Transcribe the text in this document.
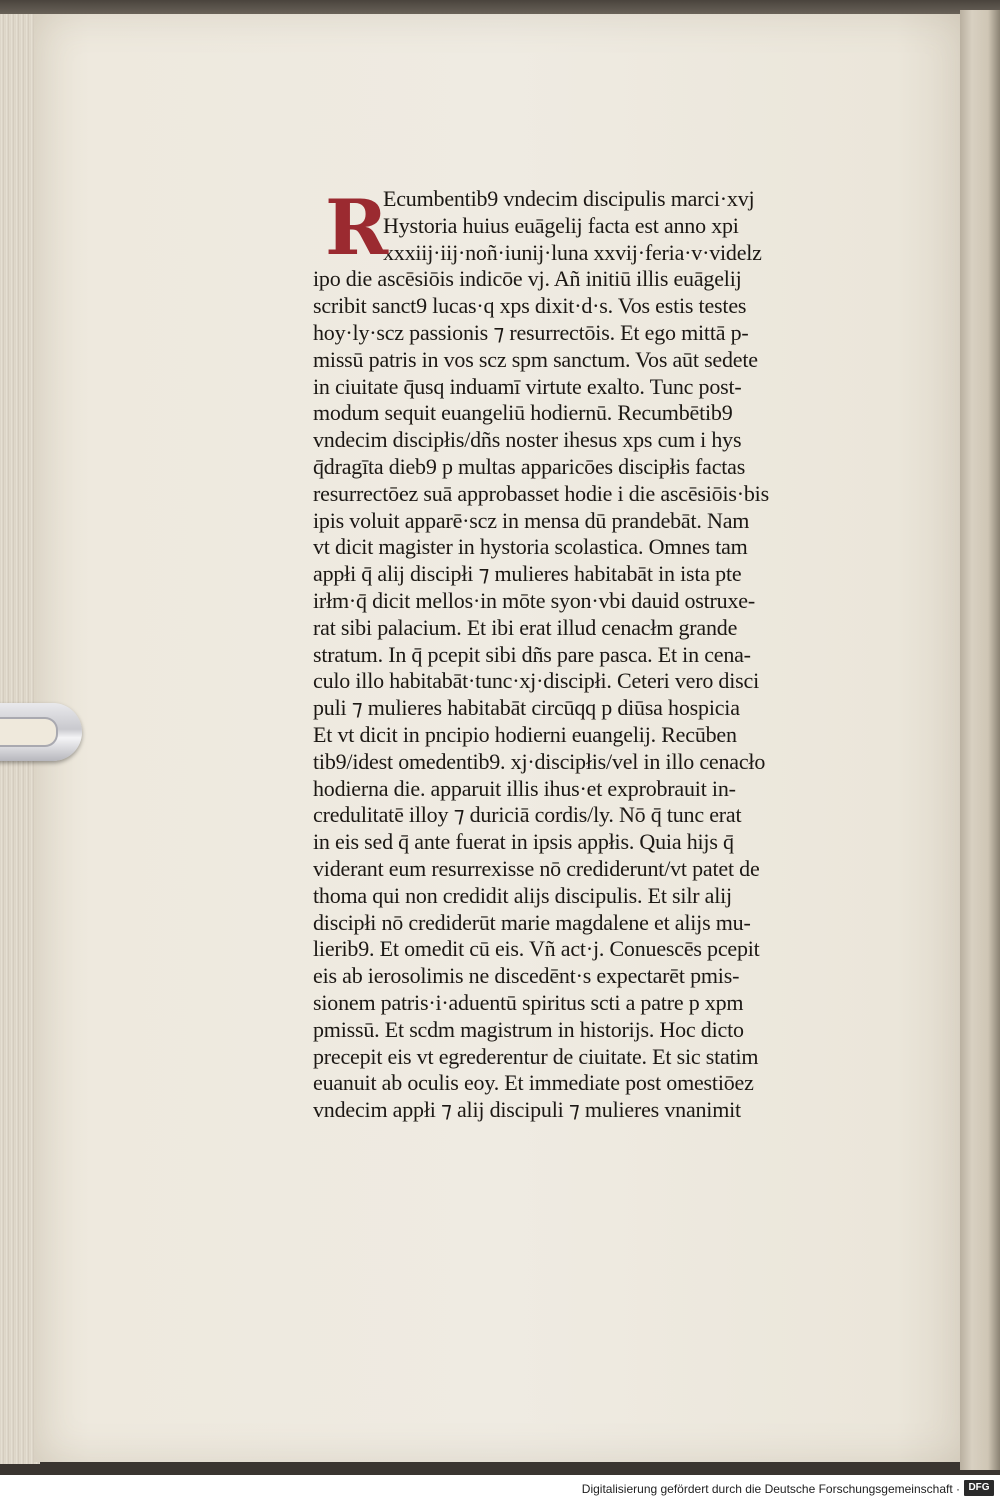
R
Ecumbentib9 vndecim discipulis marci·xvj
Hystoria huius euāgelij facta est anno xpi
xxxiij·iij·noñ·iunij·luna xxvij·feria·v·videlz
ipo die ascēsiōis indicōe vj. Añ initiū illis euāgelij
scribit sanct9 lucas·q xps dixit·d·s. Vos estis testes
hoy·ly·scz passionis ⁊ resurrectōis. Et ego mittā p-
missū patris in vos scz spm sanctum. Vos aūt sedete
in ciuitate q̄usq induamī virtute exalto. Tunc post-
modum sequit euangeliū hodiernū. Recumbētib9
vndecim discipłis/dñs noster ihesus xps cum i hys
q̄dragīta dieb9 p multas apparicōes discipłis factas
resurrectōez suā approbasset hodie i die ascēsiōis·bis
ipis voluit apparē·scz in mensa dū prandebāt. Nam
vt dicit magister in hystoria scolastica. Omnes tam
appłi q̄ alij discipłi ⁊ mulieres habitabāt in ista pte
irłm·q̄ dicit mellos·in mōte syon·vbi dauid ostruxe-
rat sibi palacium. Et ibi erat illud cenacłm grande
stratum. In q̄ pcepit sibi dñs pare pasca. Et in cena-
culo illo habitabāt·tunc·xj·discipłi. Ceteri vero disci
puli ⁊ mulieres habitabāt circūqq p diūsa hospicia
Et vt dicit in pncipio hodierni euangelij. Recūben
tib9/idest omedentib9. xj·discipłis/vel in illo cenacło
hodierna die. apparuit illis ihus·et exprobrauit in-
credulitatē illoy ⁊ duriciā cordis/ly. Nō q̄ tunc erat
in eis sed q̄ ante fuerat in ipsis appłis. Quia hijs q̄
viderant eum resurrexisse nō crediderunt/vt patet de
thoma qui non credidit alijs discipulis. Et silr alij
discipłi nō crediderūt marie magdalene et alijs mu-
lierib9. Et omedit cū eis. Vñ act·j. Conuescēs pcepit
eis ab ierosolimis ne discedēnt·s expectarēt pmis-
sionem patris·i·aduentū spiritus scti a patre p xpm
pmissū. Et scdm magistrum in historijs. Hoc dicto
precepit eis vt egrederentur de ciuitate. Et sic statim
euanuit ab oculis eoy. Et immediate post omestiōez
vndecim appłi ⁊ alij discipuli ⁊ mulieres vnanimit
Digitalisierung gefördert durch die Deutsche Forschungsgemeinschaft · DFG
